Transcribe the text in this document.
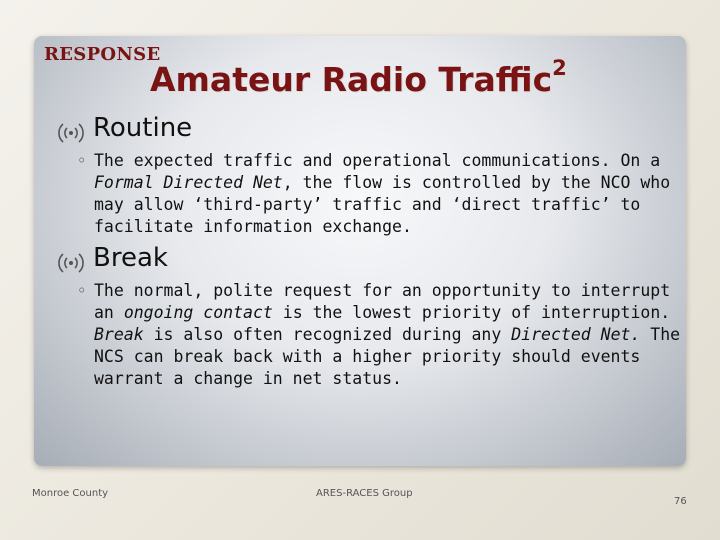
RESPONSE

Amateur Radio Traffic$^2$

Routine

◦ The expected traffic and operational communications. On a Formal Directed Net, the flow is controlled by the NCO who may allow ‘third-party’ traffic and ‘direct traffic’ to facilitate information exchange.

Break

◦ The normal, polite request for an opportunity to interrupt an ongoing contact is the lowest priority of interruption. Break is also often recognized during any Directed Net. The NCS can break back with a higher priority should events warrant a change in net status.

Monroe County	ARES-RACES Group

76
